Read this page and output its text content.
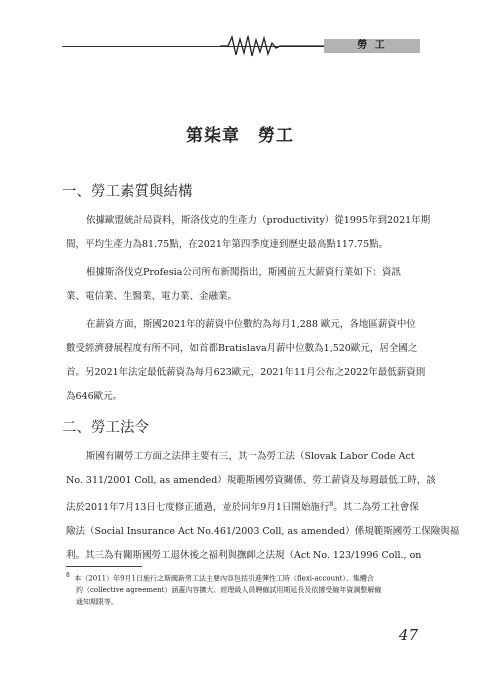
勞 工
第柒章　勞工
一、勞工素質與結構
依據歐盟統計局資料，斯洛伐克的生產力（productivity）從1995年到2021年期
間，平均生產力為81.75點，在2021年第四季度達到歷史最高點117.75點。
根據斯洛伐克Profesia公司所布新聞指出，斯國前五大薪資行業如下：資訊
業、電信業、生醫業、電力業、金融業。
在薪資方面，斯國2021年的薪資中位數約為每月1,288 歐元，各地區薪資中位
數受經濟發展程度有所不同，如首都Bratislava月薪中位數為1,520歐元，居全國之
首。另2021年法定最低薪資為每月623歐元，2021年11月公布之2022年最低薪資則
為646歐元。
二、勞工法令
斯國有關勞工方面之法律主要有三，其一為勞工法（Slovak Labor Code Act
No. 311/2001 Coll, as amended）規範斯國勞資關係、勞工薪資及每週最低工時，該
法於2011年7月13日七度修正通過，並於同年9月1日開始施行$^8$。其二為勞工社會保
險法（Social Insurance Act No.461/2003 Coll, as amended）係規範斯國勞工保險與福
利。其三為有關斯國勞工退休後之福利與撫卹之法規（Act No. 123/1996 Coll., on
$^8$ 本（2011）年9月1日施行之斯國新勞工法主要內容包括引進彈性工時（flexi-account）、集體合
約（collective agreement）涵蓋內容擴大、經理級人員聘僱試用期延長及依據受僱年資調整解僱
通知期限等。
47
